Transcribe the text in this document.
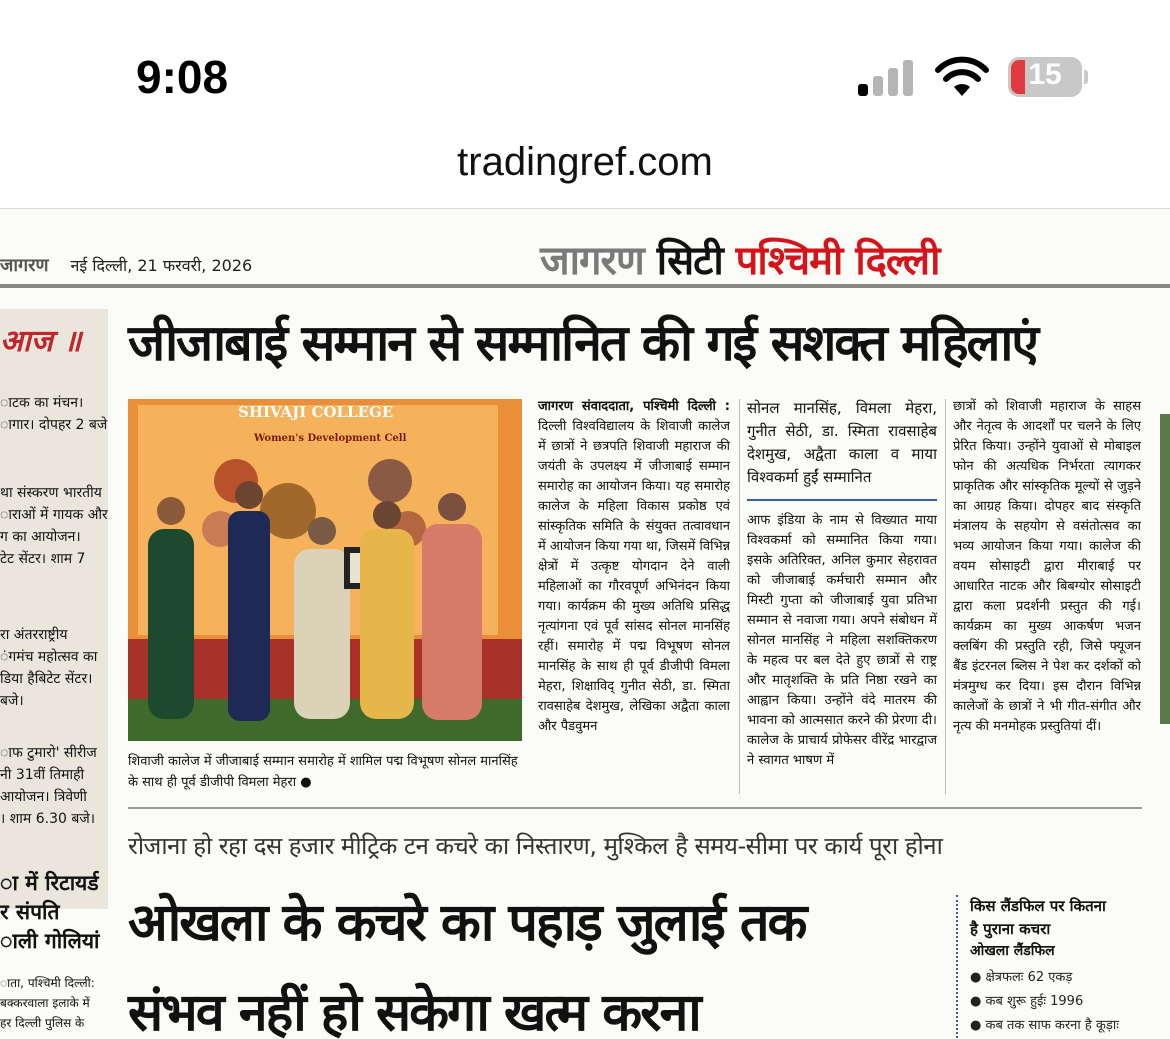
9:08	15
tradingref.com
जागरण नई दिल्ली, 21 फरवरी, 2026	जागरण सिटी पश्चिमी दिल्ली
आज ॥
ाटक का मंचन।
ागार। दोपहर 2 बजे
था संस्करण भारतीय
ाराओं में गायक और
ग का आयोजन।
टेट सेंटर। शाम 7
रा अंतरराष्ट्रीय
ंगमंच महोत्सव का
डिया हैबिटेट सेंटर।
बजे।
ाफ टुमारो' सीरीज
नी 31वीं तिमाही
आयोजन। त्रिवेणी
। शाम 6.30 बजे।
ा में रिटायर्ड
र संपति
ाली गोलियां
ाता, पश्चिमी दिल्ली:
बक्करवाला इलाके में
हर दिल्ली पुलिस के
जीजाबाई सम्मान से सम्मानित की गई सशक्त महिलाएं
SHIVAJI COLLEGE
Women's Development Cell
शिवाजी कालेज में जीजाबाई सम्मान समारोह में शामिल पद्म विभूषण सोनल मानसिंह के साथ ही पूर्व डीजीपी विमला मेहरा ●
जागरण संवाददाता, पश्चिमी दिल्ली : दिल्ली विश्वविद्यालय के शिवाजी कालेज में छात्रों ने छत्रपति शिवाजी महाराज की जयंती के उपलक्ष्य में जीजाबाई सम्मान समारोह का आयोजन किया। यह समारोह कालेज के महिला विकास प्रकोष्ठ एवं सांस्कृतिक समिति के संयुक्त तत्वावधान में आयोजन किया गया था, जिसमें विभिन्न क्षेत्रों में उत्कृष्ट योगदान देने वाली महिलाओं का गौरवपूर्ण अभिनंदन किया गया। कार्यक्रम की मुख्य अतिथि प्रसिद्ध नृत्यांगना एवं पूर्व सांसद सोनल मानसिंह रहीं। समारोह में पद्म विभूषण सोनल मानसिंह के साथ ही पूर्व डीजीपी विमला मेहरा, शिक्षाविद् गुनीत सेठी, डा. स्मिता रावसाहेब देशमुख, लेखिका अद्वैता काला और पैडवुमन
सोनल मानसिंह, विमला मेहरा, गुनीत सेठी, डा. स्मिता रावसाहेब देशमुख, अद्वैता काला व माया विश्वकर्मा हुईं सम्मानित
आफ इंडिया के नाम से विख्यात माया विश्वकर्मा को सम्मानित किया गया। इसके अतिरिक्त, अनिल कुमार सेहरावत को जीजाबाई कर्मचारी सम्मान और मिस्टी गुप्ता को जीजाबाई युवा प्रतिभा सम्मान से नवाजा गया। अपने संबोधन में सोनल मानसिंह ने महिला सशक्तिकरण के महत्व पर बल देते हुए छात्रों से राष्ट्र और मातृशक्ति के प्रति निष्ठा रखने का आह्वान किया। उन्होंने वंदे मातरम की भावना को आत्मसात करने की प्रेरणा दी। कालेज के प्राचार्य प्रोफेसर वीरेंद्र भारद्वाज ने स्वागत भाषण में
छात्रों को शिवाजी महाराज के साहस और नेतृत्व के आदर्शों पर चलने के लिए प्रेरित किया। उन्होंने युवाओं से मोबाइल फोन की अत्यधिक निर्भरता त्यागकर प्राकृतिक और सांस्कृतिक मूल्यों से जुड़ने का आग्रह किया। दोपहर बाद संस्कृति मंत्रालय के सहयोग से वसंतोत्सव का भव्य आयोजन किया गया। कालेज की वयम सोसाइटी द्वारा मीराबाई पर आधारित नाटक और बिबग्योर सोसाइटी द्वारा कला प्रदर्शनी प्रस्तुत की गई। कार्यक्रम का मुख्य आकर्षण भजन क्लबिंग की प्रस्तुति रही, जिसे फ्यूजन बैंड इंटरनल ब्लिस ने पेश कर दर्शकों को मंत्रमुग्ध कर दिया। इस दौरान विभिन्न कालेजों के छात्रों ने भी गीत-संगीत और नृत्य की मनमोहक प्रस्तुतियां दीं।
रोजाना हो रहा दस हजार मीट्रिक टन कचरे का निस्तारण, मुश्किल है समय-सीमा पर कार्य पूरा होना
ओखला के कचरे का पहाड़ जुलाई तक
संभव नहीं हो सकेगा खत्म करना
किस लैंडफिल पर कितना
है पुराना कचरा
ओखला लैंडफिल
● क्षेत्रफलः 62 एकड़
● कब शुरू हुईः 1996
● कब तक साफ करना है कूड़ाः
